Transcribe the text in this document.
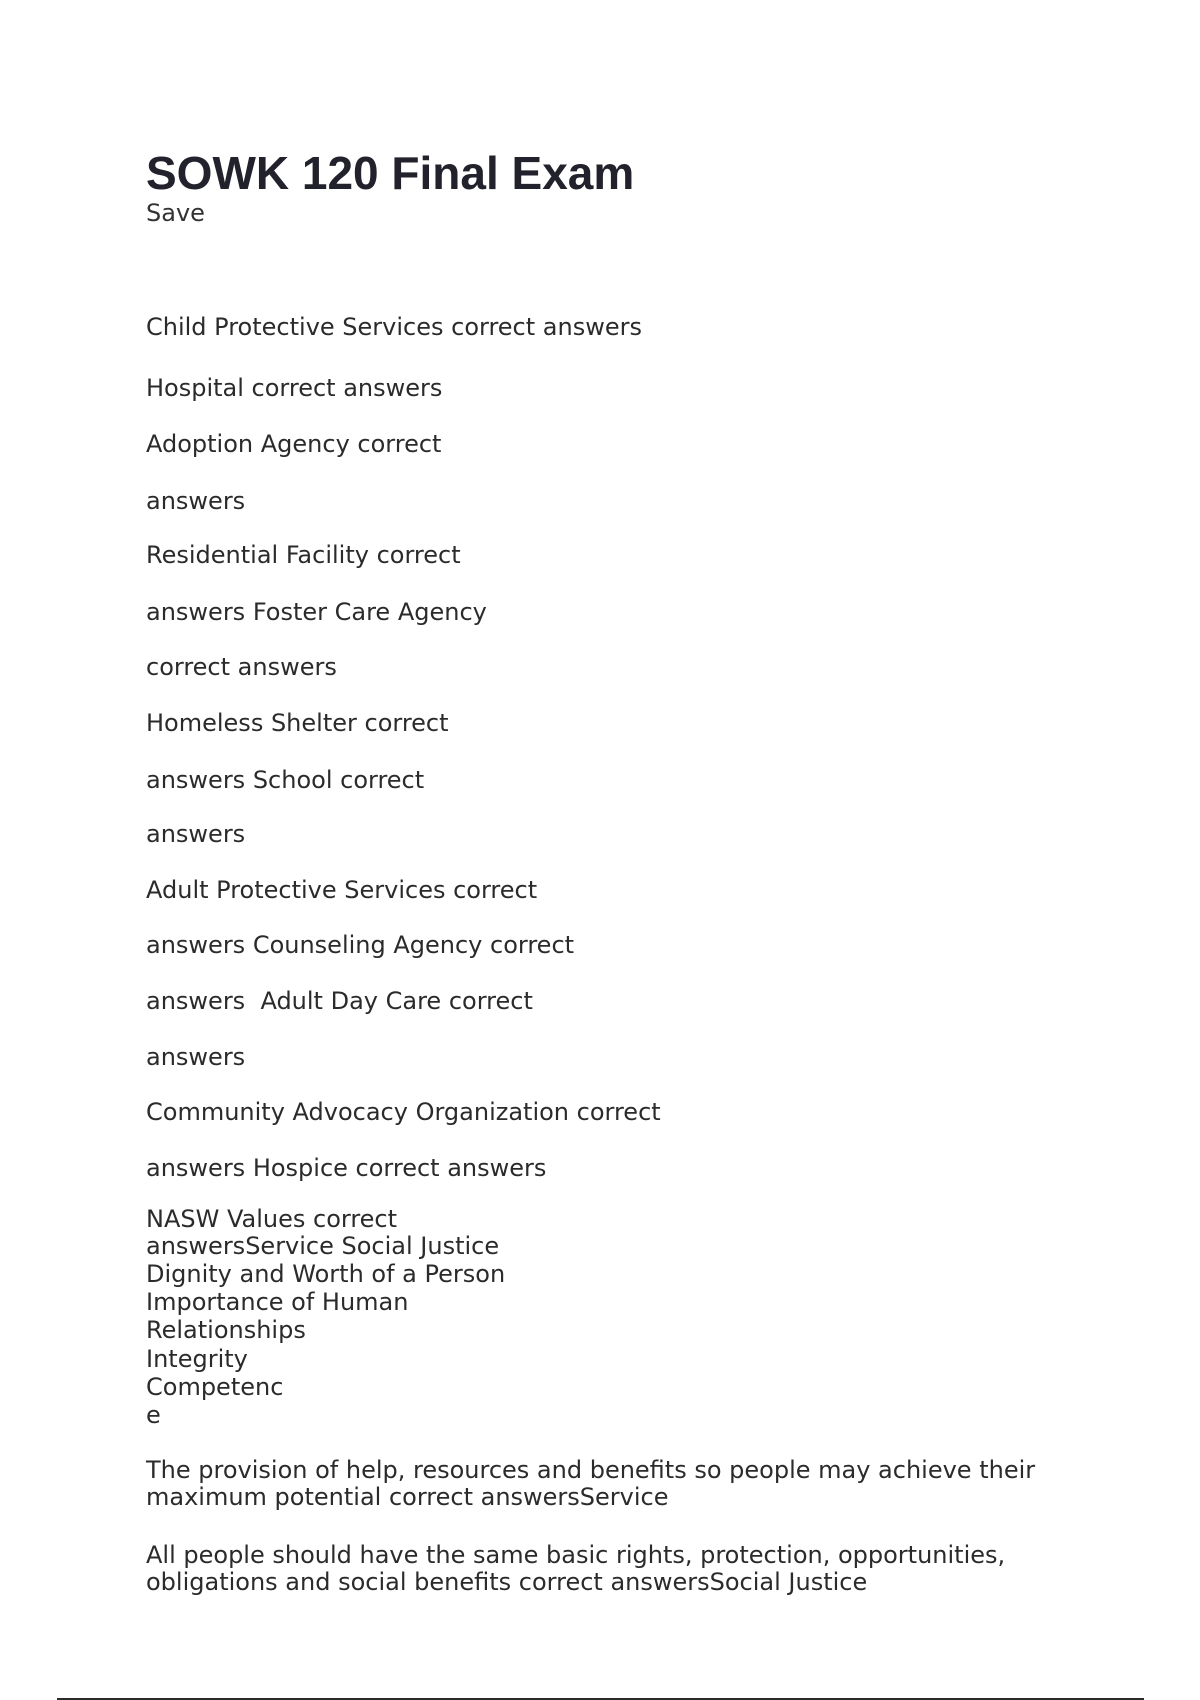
SOWK 120 Final Exam
Save
Child Protective Services correct answers
Hospital correct answers
Adoption Agency correct
answers
Residential Facility correct
answers Foster Care Agency
correct answers
Homeless Shelter correct
answers School correct
answers
Adult Protective Services correct
answers Counseling Agency correct
answers  Adult Day Care correct
answers
Community Advocacy Organization correct
answers Hospice correct answers
NASW Values correct
answersService Social Justice
Dignity and Worth of a Person
Importance of Human
Relationships
Integrity
Competenc
e
The provision of help, resources and benefits so people may achieve their
maximum potential correct answersService
All people should have the same basic rights, protection, opportunities,
obligations and social benefits correct answersSocial Justice
